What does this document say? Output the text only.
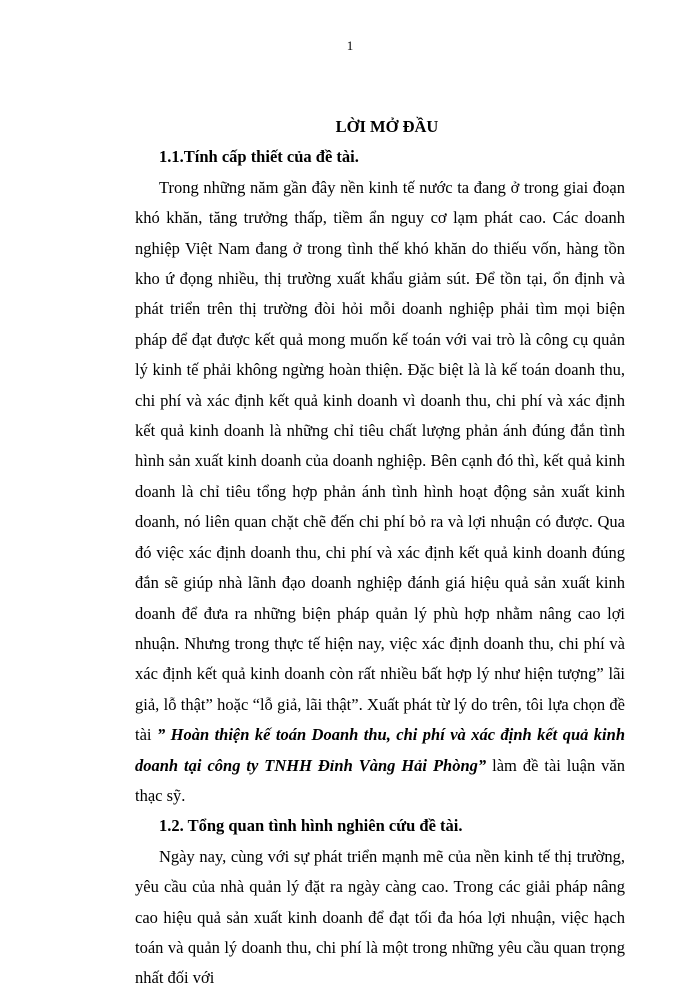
1

LỜI MỞ ĐẦU

1.1.Tính cấp thiết của đề tài.

Trong những năm gần đây nền kinh tế nước ta đang ở trong giai đoạn khó khăn, tăng trưởng thấp, tiềm ẩn nguy cơ lạm phát cao. Các doanh nghiệp Việt Nam đang ở trong tình thế khó khăn do thiếu vốn, hàng tồn kho ứ đọng nhiều, thị trường xuất khẩu giảm sút. Để tồn tại, ổn định và phát triển trên thị trường đòi hỏi mỗi doanh nghiệp phải tìm mọi biện pháp để đạt được kết quả mong muốn kế toán với vai trò là công cụ quản lý kinh tế phải không ngừng hoàn thiện. Đặc biệt là là kế toán doanh thu, chi phí và xác định kết quả kinh doanh vì doanh thu, chi phí và xác định kết quả kinh doanh là những chỉ tiêu chất lượng phản ánh đúng đắn tình hình sản xuất kinh doanh của doanh nghiệp. Bên cạnh đó thì, kết quả kinh doanh là chỉ tiêu tổng hợp phản ánh tình hình hoạt động sản xuất kinh doanh, nó liên quan chặt chẽ đến chi phí bỏ ra và lợi nhuận có được. Qua đó việc xác định doanh thu, chi phí và xác định kết quả kinh doanh đúng đắn sẽ giúp nhà lãnh đạo doanh nghiệp đánh giá hiệu quả sản xuất kinh doanh để đưa ra những biện pháp quản lý phù hợp nhằm nâng cao lợi nhuận. Nhưng trong thực tế hiện nay, việc xác định doanh thu, chi phí và xác định kết quả kinh doanh còn rất nhiều bất hợp lý như hiện tượng” lãi giả, lỗ thật” hoặc “lỗ giả, lãi thật”. Xuất phát từ lý do trên, tôi lựa chọn đề tài ” Hoàn thiện kế toán Doanh thu, chi phí và xác định kết quả kinh doanh tại công ty TNHH Đỉnh Vàng Hải Phòng” làm đề tài luận văn thạc sỹ.

1.2. Tổng quan tình hình nghiên cứu đề tài.

Ngày nay, cùng với sự phát triển mạnh mẽ của nền kinh tế thị trường, yêu cầu của nhà quản lý đặt ra ngày càng cao. Trong các giải pháp nâng cao hiệu quả sản xuất kinh doanh để đạt tối đa hóa lợi nhuận, việc hạch toán và quản lý doanh thu, chi phí là một trong những yêu cầu quan trọng nhất đối với
